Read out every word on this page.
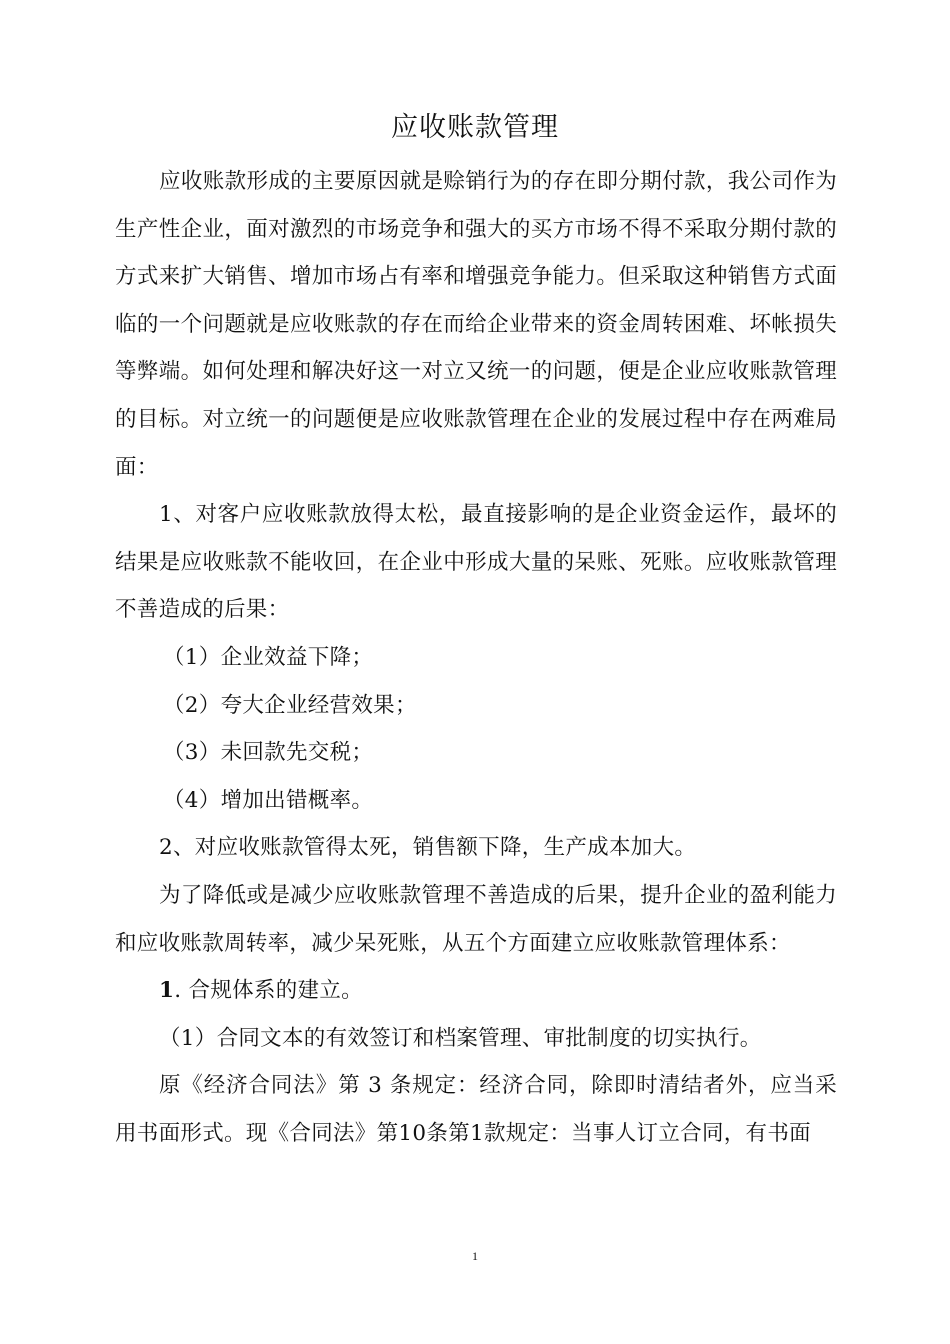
应收账款管理

应收账款形成的主要原因就是赊销行为的存在即分期付款，我公司作为生产性企业，面对激烈的市场竞争和强大的买方市场不得不采取分期付款的方式来扩大销售、增加市场占有率和增强竞争能力。但采取这种销售方式面临的一个问题就是应收账款的存在而给企业带来的资金周转困难、坏帐损失等弊端。如何处理和解决好这一对立又统一的问题，便是企业应收账款管理的目标。对立统一的问题便是应收账款管理在企业的发展过程中存在两难局面：

1、对客户应收账款放得太松，最直接影响的是企业资金运作，最坏的结果是应收账款不能收回，在企业中形成大量的呆账、死账。应收账款管理不善造成的后果：

（1）企业效益下降；

（2）夸大企业经营效果；

（3）未回款先交税；

（4）增加出错概率。

2、对应收账款管得太死，销售额下降，生产成本加大。

为了降低或是减少应收账款管理不善造成的后果，提升企业的盈利能力和应收账款周转率，减少呆死账，从五个方面建立应收账款管理体系：

1. 合规体系的建立。

（1）合同文本的有效签订和档案管理、审批制度的切实执行。

原《经济合同法》第 3 条规定：经济合同，除即时清结者外，应当采用书面形式。现《合同法》第10条第1款规定：当事人订立合同，有书面

1
